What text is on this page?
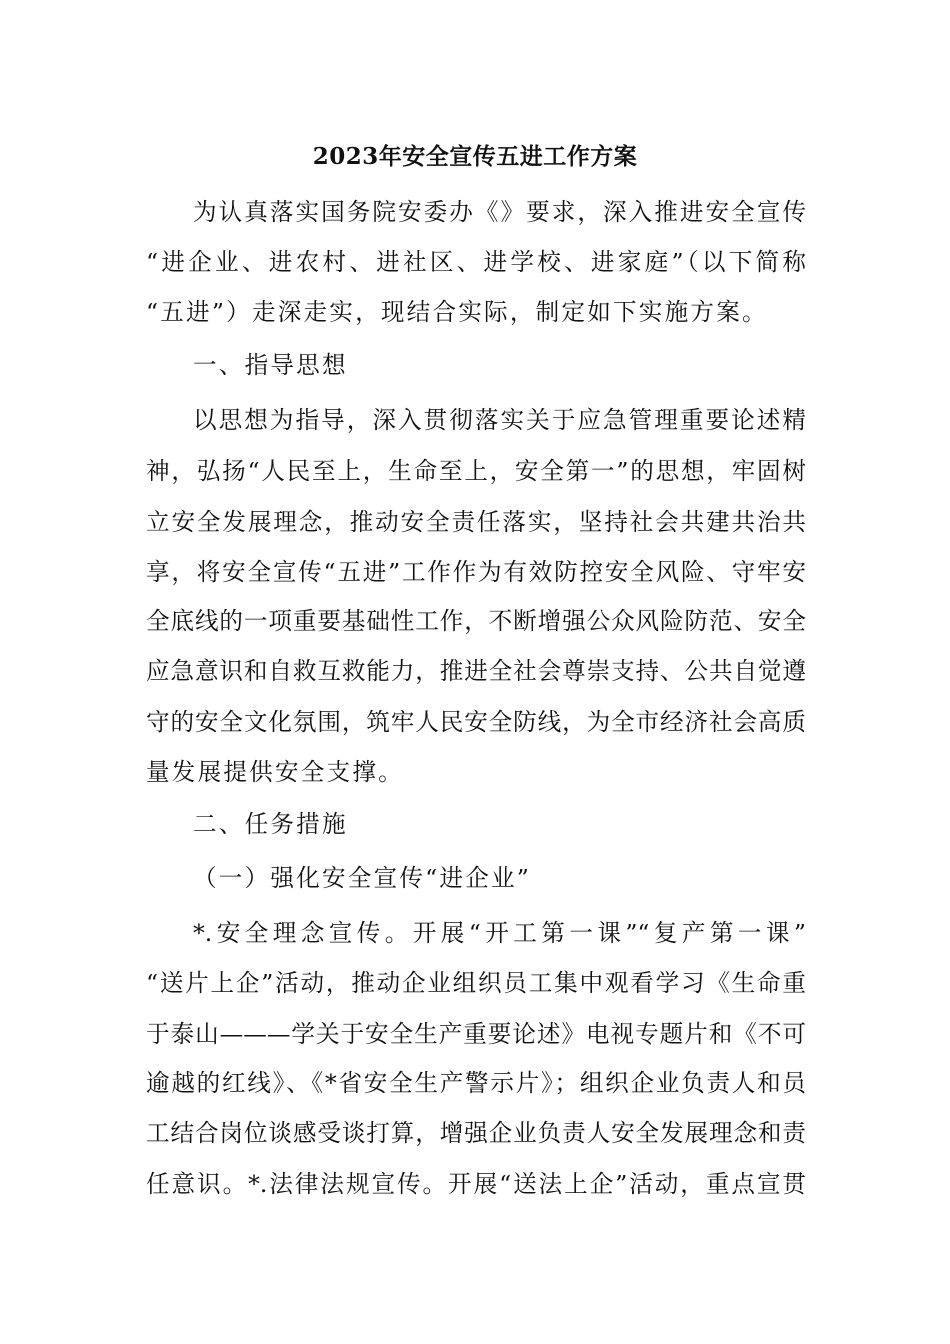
2023年安全宣传五进工作方案
为认真落实国务院安委办《》要求，深入推进安全宣传
“进企业、进农村、进社区、进学校、进家庭”（以下简称
“五进”）走深走实，现结合实际，制定如下实施方案。
一、指导思想
以思想为指导，深入贯彻落实关于应急管理重要论述精
神，弘扬“人民至上，生命至上，安全第一”的思想，牢固树
立安全发展理念，推动安全责任落实，坚持社会共建共治共
享，将安全宣传“五进”工作作为有效防控安全风险、守牢安
全底线的一项重要基础性工作，不断增强公众风险防范、安全
应急意识和自救互救能力，推进全社会尊崇支持、公共自觉遵
守的安全文化氛围，筑牢人民安全防线，为全市经济社会高质
量发展提供安全支撑。
二、任务措施
（一）强化安全宣传“进企业”
*.安全理念宣传。开展“开工第一课”“复产第一课”
“送片上企”活动，推动企业组织员工集中观看学习《生命重
于泰山———学关于安全生产重要论述》电视专题片和《不可
逾越的红线》、《*省安全生产警示片》；组织企业负责人和员
工结合岗位谈感受谈打算，增强企业负责人安全发展理念和责
任意识。*.法律法规宣传。开展“送法上企”活动，重点宣贯
